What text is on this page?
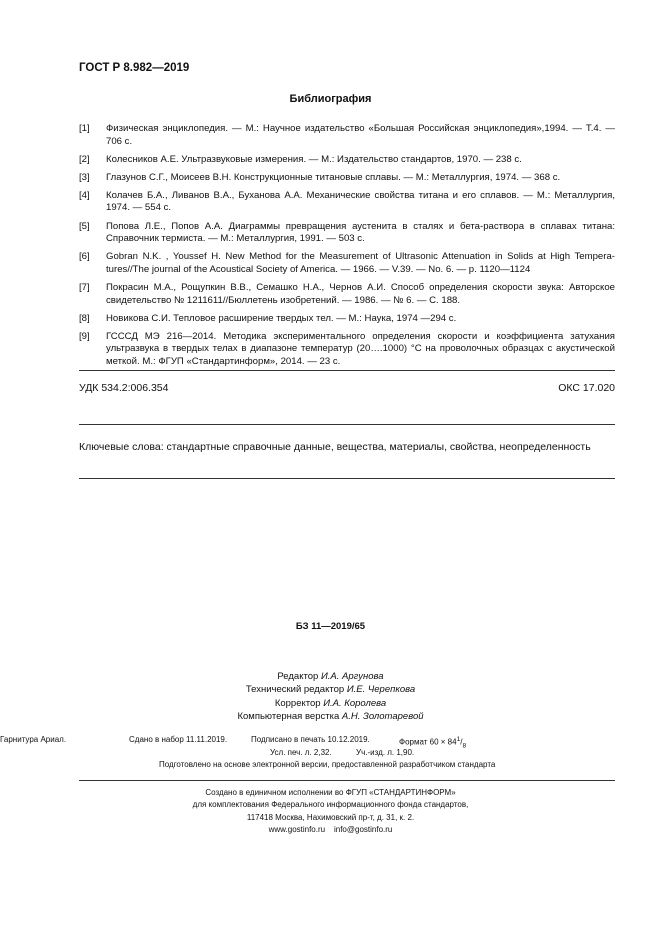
ГОСТ Р 8.982—2019
Библиография
[1]	Физическая энциклопедия. — М.: Научное издательство «Большая Российская энциклопедия»,1994. — Т.4. — 706 с.
[2]	Колесников А.Е. Ультразвуковые измерения. — М.: Издательство стандартов, 1970. — 238 с.
[3]	Глазунов С.Г., Моисеев В.Н. Конструкционные титановые сплавы. — М.: Металлургия, 1974. — 368 с.
[4]	Колачев Б.А., Ливанов В.А., Буханова А.А. Механические свойства титана и его сплавов. — М.: Металлургия, 1974. — 554 с.
[5]	Попова Л.Е., Попов А.А. Диаграммы превращения аустенита в сталях и бета-раствора в сплавах титана: Справочник термиста. — М.: Металлургия, 1991. — 503 с.
[6]	Gobran N.K. , Youssef H. New Method for the Measurement of Ultrasonic Attenuation in Solids at High Tempera-tures//The journal of the Acoustical Society of America. — 1966. — V.39. — No. 6. — p. 1120—1124
[7]	Покрасин М.А., Рощупкин В.В., Семашко Н.А., Чернов А.И. Способ определения скорости звука: Авторское свидетельство № 1211611//Бюллетень изобретений. — 1986. — № 6. — С. 188.
[8]	Новикова С.И. Тепловое расширение твердых тел. — М.: Наука, 1974 —294 с.
[9]	ГСССД МЭ 216—2014. Методика экспериментального определения скорости и коэффициента затухания ультразвука в твердых телах в диапазоне температур (20….1000) °С на проволочных образцах с акустической меткой. М.: ФГУП «Стандартинформ», 2014. — 23 с.
УДК 534.2:006.354	ОКС 17.020
Ключевые слова: стандартные справочные данные, вещества, материалы, свойства, неопределенность
БЗ 11—2019/65
Редактор И.А. Аргунова
Технический редактор И.Е. Черепкова
Корректор И.А. Королева
Компьютерная верстка А.Н. Золотаревой
Сдано в набор 11.11.2019.	Подписано в печать 10.12.2019.	Формат $60 \times 84^1/_8$
Гарнитура Ариал.
Усл. печ. л. 2,32.	Уч.-изд. л. 1,90.
Подготовлено на основе электронной версии, предоставленной разработчиком стандарта
Создано в единичном исполнении во ФГУП «СТАНДАРТИНФОРМ»
для комплектования Федерального информационного фонда стандартов,
117418 Москва, Нахимовский пр-т, д. 31, к. 2.
www.gostinfo.ru info@gostinfo.ru
